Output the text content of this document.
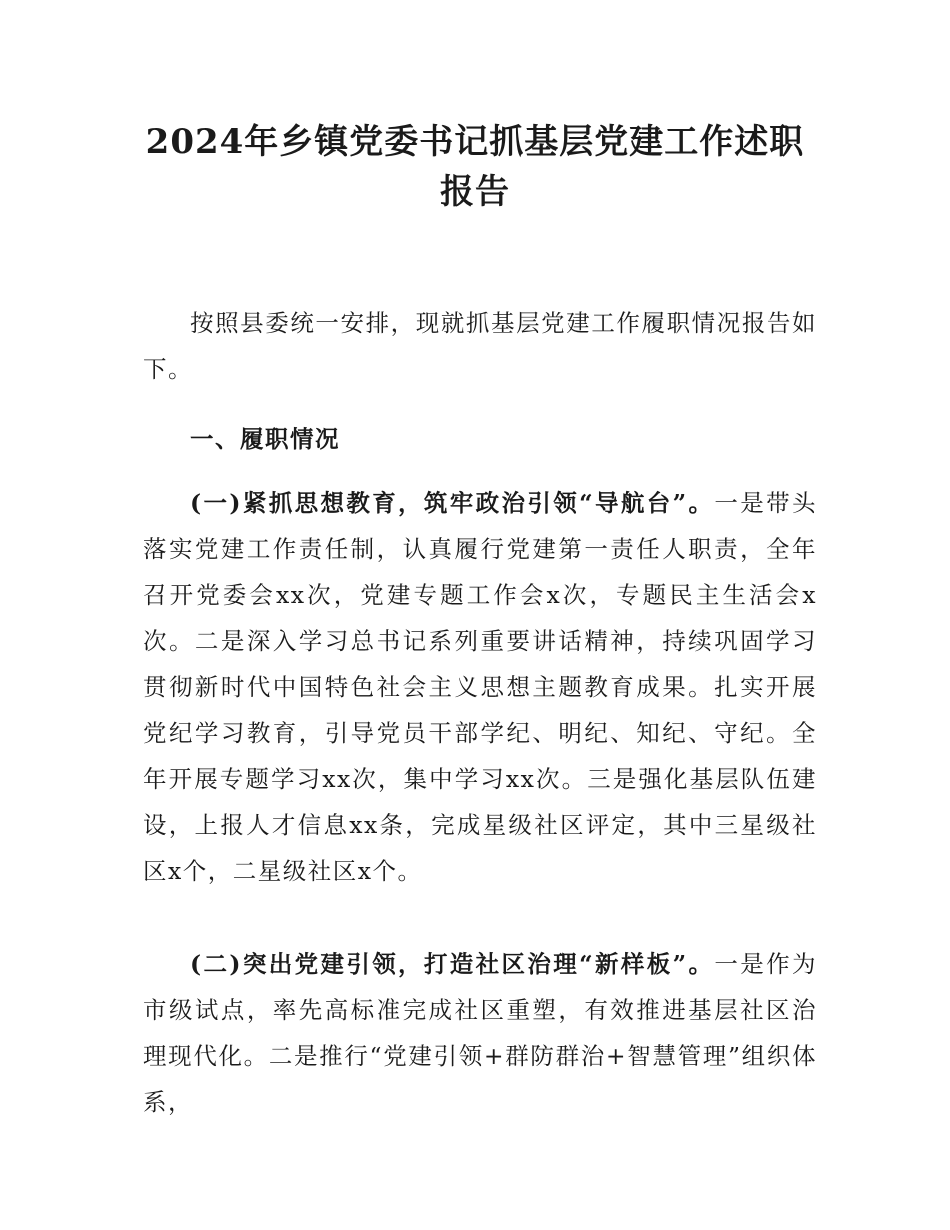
2024年乡镇党委书记抓基层党建工作述职报告

按照县委统一安排，现就抓基层党建工作履职情况报告如下。

一、履职情况

(一)紧抓思想教育，筑牢政治引领“导航台”。一是带头落实党建工作责任制，认真履行党建第一责任人职责，全年召开党委会xx次，党建专题工作会x次，专题民主生活会x次。二是深入学习总书记系列重要讲话精神，持续巩固学习贯彻新时代中国特色社会主义思想主题教育成果。扎实开展党纪学习教育，引导党员干部学纪、明纪、知纪、守纪。全年开展专题学习xx次，集中学习xx次。三是强化基层队伍建设，上报人才信息xx条，完成星级社区评定，其中三星级社区x个，二星级社区x个。

(二)突出党建引领，打造社区治理“新样板”。一是作为市级试点，率先高标准完成社区重塑，有效推进基层社区治理现代化。二是推行“党建引领+群防群治+智慧管理”组织体系，
